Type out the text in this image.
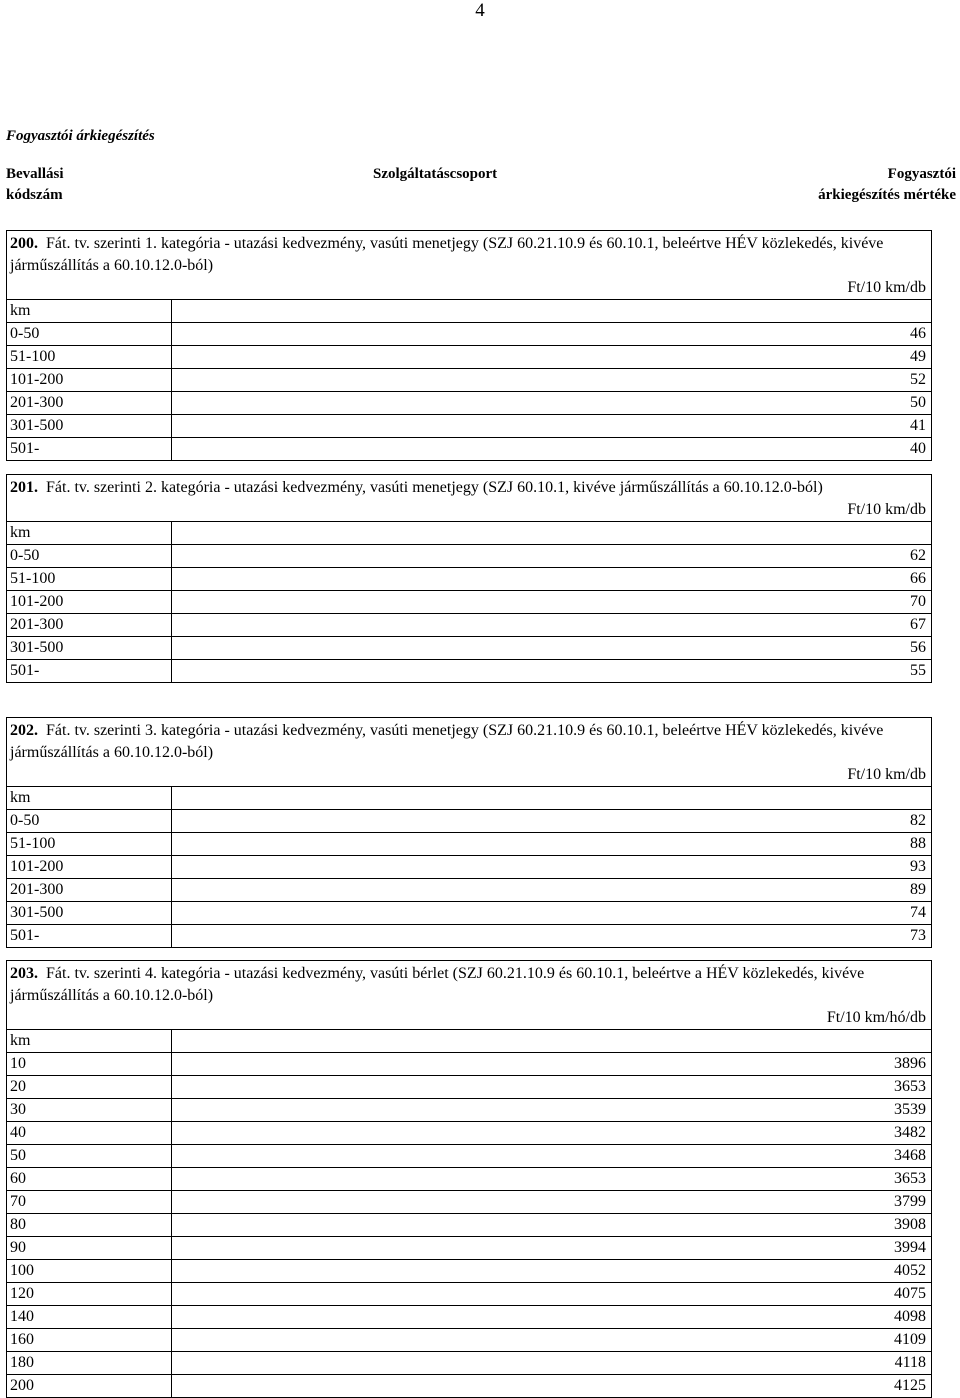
4
Fogyasztói árkiegészítés
Bevallási
kódszám
Szolgáltatáscsoport	Fogyasztói
árkiegészítés mértéke
200. Fát. tv. szerinti 1. kategória - utazási kedvezmény, vasúti menetjegy (SZJ 60.21.10.9 és 60.10.1, beleértve HÉV közlekedés, kivéve járműszállítás a 60.10.12.0-ból)
Ft/10 km/db
km
0-50	46
51-100	49
101-200	52
201-300	50
301-500	41
501-	40
201. Fát. tv. szerinti 2. kategória - utazási kedvezmény, vasúti menetjegy (SZJ 60.10.1, kivéve járműszállítás a 60.10.12.0-ból)
Ft/10 km/db
km
0-50	62
51-100	66
101-200	70
201-300	67
301-500	56
501-	55
202. Fát. tv. szerinti 3. kategória - utazási kedvezmény, vasúti menetjegy (SZJ 60.21.10.9 és 60.10.1, beleértve HÉV közlekedés, kivéve járműszállítás a 60.10.12.0-ból)
Ft/10 km/db
km
0-50	82
51-100	88
101-200	93
201-300	89
301-500	74
501-	73
203. Fát. tv. szerinti 4. kategória - utazási kedvezmény, vasúti bérlet (SZJ 60.21.10.9 és 60.10.1, beleértve a HÉV közlekedés, kivéve járműszállítás a 60.10.12.0-ból)
Ft/10 km/hó/db
km
10	3896
20	3653
30	3539
40	3482
50	3468
60	3653
70	3799
80	3908
90	3994
100	4052
120	4075
140	4098
160	4109
180	4118
200	4125
